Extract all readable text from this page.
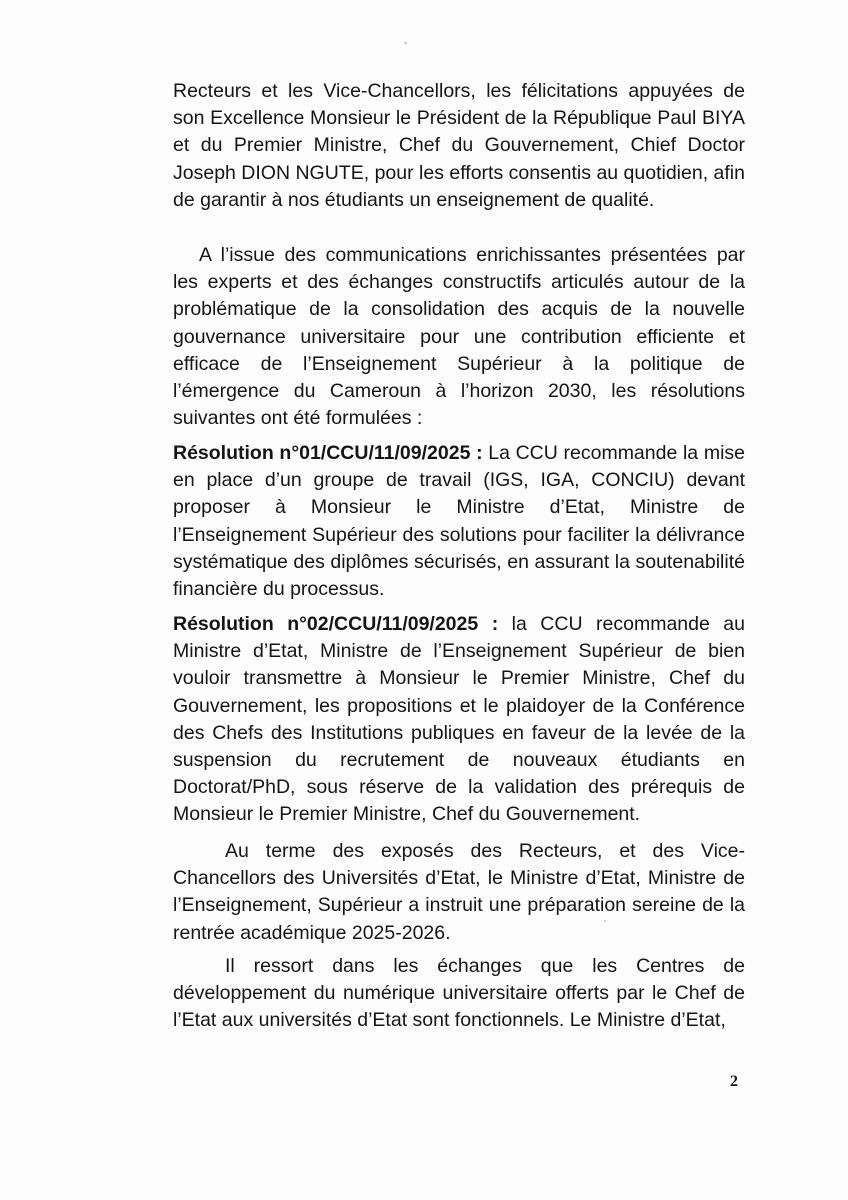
Recteurs et les Vice-Chancellors, les félicitations appuyées de son Excellence Monsieur le Président de la République Paul BIYA et du Premier Ministre, Chef du Gouvernement, Chief Doctor Joseph DION NGUTE, pour les efforts consentis au quotidien, afin de garantir à nos étudiants un enseignement de qualité.

A l’issue des communications enrichissantes présentées par les experts et des échanges constructifs articulés autour de la problématique de la consolidation des acquis de la nouvelle gouvernance universitaire pour une contribution efficiente et efficace de l’Enseignement Supérieur à la politique de l’émergence du Cameroun à l’horizon 2030, les résolutions suivantes ont été formulées :

Résolution n°01/CCU/11/09/2025 : La CCU recommande la mise en place d’un groupe de travail (IGS, IGA, CONCIU) devant proposer à Monsieur le Ministre d’Etat, Ministre de l’Enseignement Supérieur des solutions pour faciliter la délivrance systématique des diplômes sécurisés, en assurant la soutenabilité financière du processus.

Résolution n°02/CCU/11/09/2025 : la CCU recommande au Ministre d’Etat, Ministre de l’Enseignement Supérieur de bien vouloir transmettre à Monsieur le Premier Ministre, Chef du Gouvernement, les propositions et le plaidoyer de la Conférence des Chefs des Institutions publiques en faveur de la levée de la suspension du recrutement de nouveaux étudiants en Doctorat/PhD, sous réserve de la validation des prérequis de Monsieur le Premier Ministre, Chef du Gouvernement.

Au terme des exposés des Recteurs, et des Vice-Chancellors des Universités d’Etat, le Ministre d’Etat, Ministre de l’Enseignement, Supérieur a instruit une préparation sereine de la rentrée académique 2025-2026.

Il ressort dans les échanges que les Centres de développement du numérique universitaire offerts par le Chef de l’Etat aux universités d’Etat sont fonctionnels. Le Ministre d’Etat,

2
